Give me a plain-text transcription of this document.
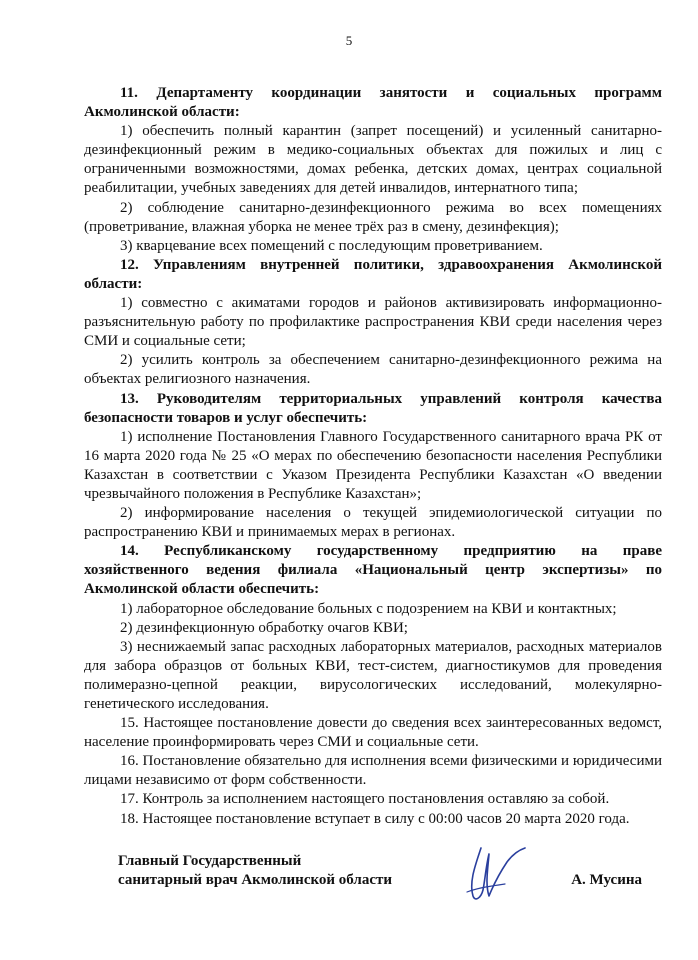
5

11. Департаменту координации занятости и социальных программ Акмолинской области:

1) обеспечить полный карантин (запрет посещений) и усиленный санитарно-дезинфекционный режим в медико-социальных объектах для пожилых и лиц с ограниченными возможностями, домах ребенка, детских домах, центрах социальной реабилитации, учебных заведениях для детей инвалидов, интернатного типа;

2) соблюдение санитарно-дезинфекционного режима во всех помещениях (проветривание, влажная уборка не менее трёх раз в смену, дезинфекция);

3) кварцевание всех помещений с последующим проветриванием.

12. Управлениям внутренней политики, здравоохранения Акмолинской области:

1) совместно с акиматами городов и районов активизировать информационно-разъяснительную работу по профилактике распространения КВИ среди населения через СМИ и социальные сети;

2) усилить контроль за обеспечением санитарно-дезинфекционного режима на объектах религиозного назначения.

13. Руководителям территориальных управлений контроля качества безопасности товаров и услуг обеспечить:

1) исполнение Постановления Главного Государственного санитарного врача РК от 16 марта 2020 года № 25 «О мерах по обеспечению безопасности населения Республики Казахстан в соответствии с Указом Президента Республики Казахстан «О введении чрезвычайного положения в Республике Казахстан»;

2) информирование населения о текущей эпидемиологической ситуации по распространению КВИ и принимаемых мерах в регионах.

14. Республиканскому государственному предприятию на праве хозяйственного ведения филиала «Национальный центр экспертизы» по Акмолинской области обеспечить:

1) лабораторное обследование больных с подозрением на КВИ и контактных;

2) дезинфекционную обработку очагов КВИ;

3) неснижаемый запас расходных лабораторных материалов, расходных материалов для забора образцов от больных КВИ, тест-систем, диагностикумов для проведения полимеразно-цепной реакции, вирусологических исследований, молекулярно-генетического исследования.

15. Настоящее постановление довести до сведения всех заинтересованных ведомст, население проинформировать через СМИ и социальные сети.

16. Постановление обязательно для исполнения всеми физическими и юридичесими лицами независимо от форм собственности.

17. Контроль за исполнением настоящего постановления оставляю за собой.

18. Настоящее постановление вступает в силу с 00:00 часов 20 марта 2020 года.

Главный Государственный
санитарный врач Акмолинской области	А. Мусина
